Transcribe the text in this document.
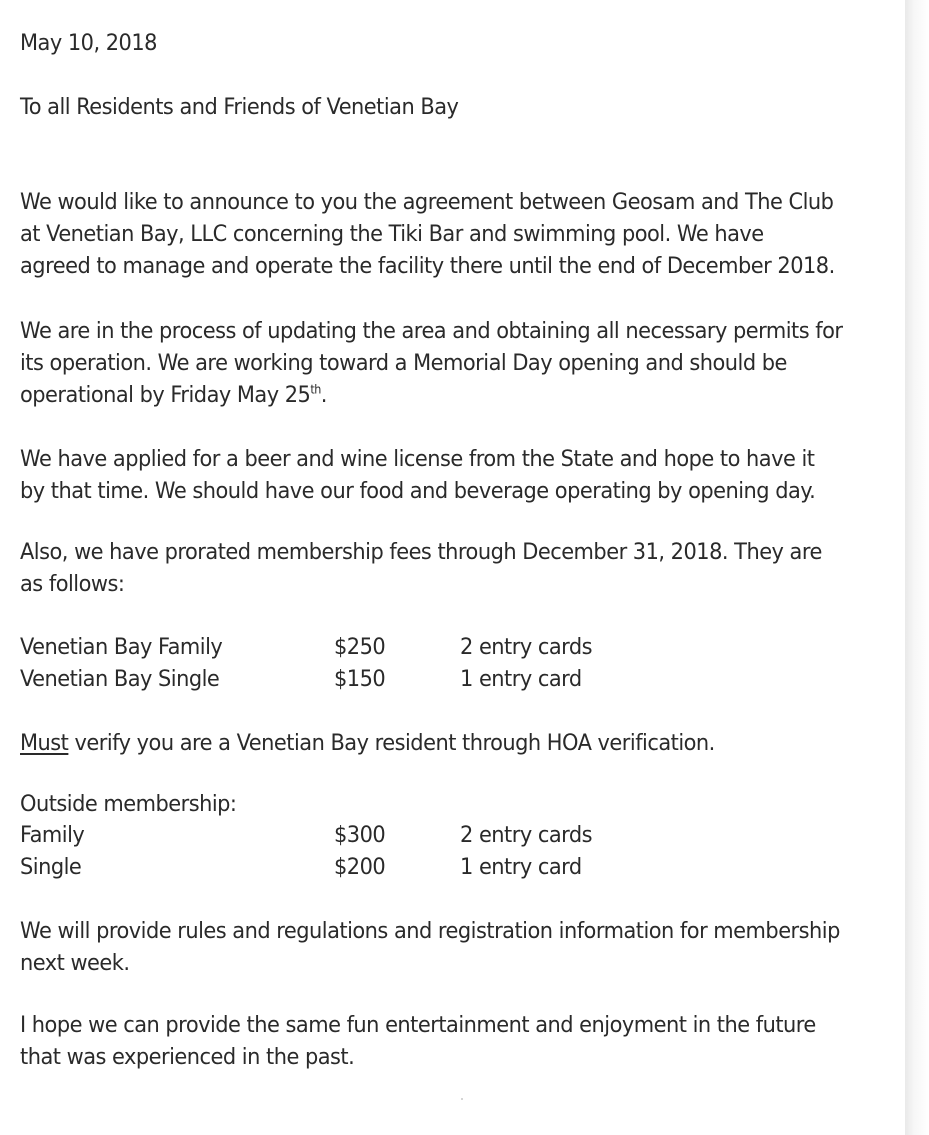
May 10, 2018
To all Residents and Friends of Venetian Bay
We would like to announce to you the agreement between Geosam and The Club
at Venetian Bay, LLC concerning the Tiki Bar and swimming pool. We have
agreed to manage and operate the facility there until the end of December 2018.
We are in the process of updating the area and obtaining all necessary permits for
its operation. We are working toward a Memorial Day opening and should be
operational by Friday May 25th.
We have applied for a beer and wine license from the State and hope to have it
by that time. We should have our food and beverage operating by opening day.
Also, we have prorated membership fees through December 31, 2018. They are
as follows:
Venetian Bay Family	$250	2 entry cards
Venetian Bay Single	$150	1 entry card
Must verify you are a Venetian Bay resident through HOA verification.
Outside membership:
Family	$300	2 entry cards
Single	$200	1 entry card
We will provide rules and regulations and registration information for membership
next week.
I hope we can provide the same fun entertainment and enjoyment in the future
that was experienced in the past.
